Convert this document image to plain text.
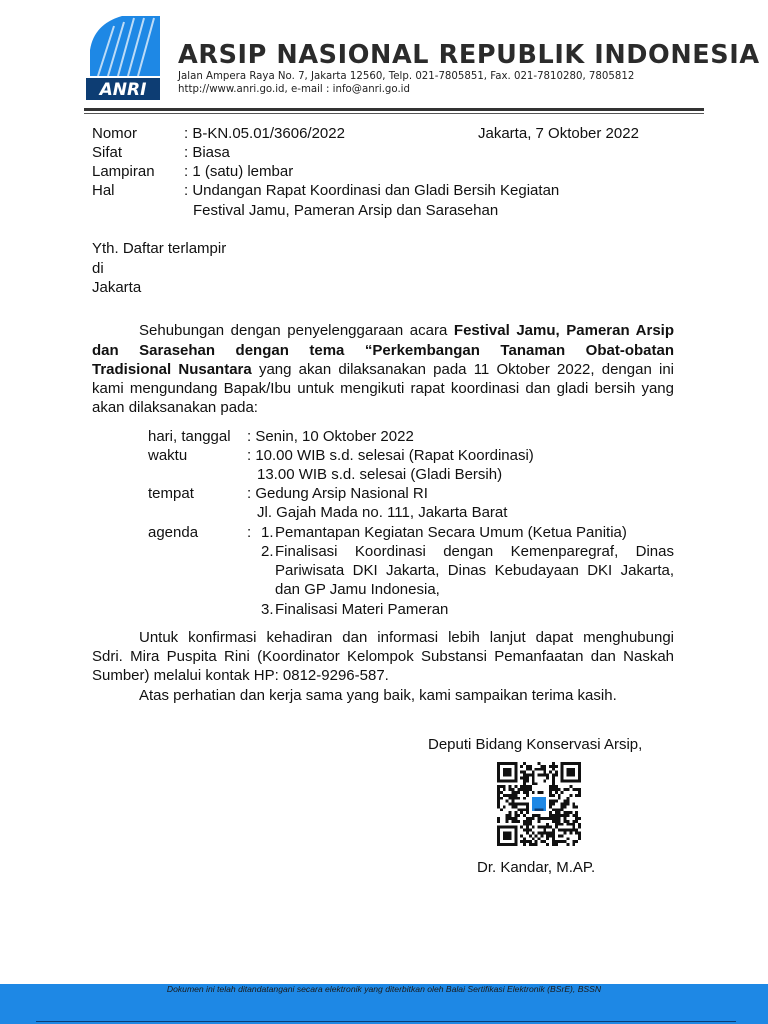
ANRI
ARSIP NASIONAL REPUBLIK INDONESIA
Jalan Ampera Raya No. 7, Jakarta 12560, Telp. 021-7805851, Fax. 021-7810280, 7805812
http://www.anri.go.id, e-mail : info@anri.go.id
Nomor	: B-KN.05.01/3606/2022	Jakarta, 7 Oktober 2022
Sifat	: Biasa
Lampiran : 1 (satu) lembar
Hal	: Undangan Rapat Koordinasi dan Gladi Bersih Kegiatan
Festival Jamu, Pameran Arsip dan Sarasehan
Yth. Daftar terlampir
di
Jakarta
Sehubungan dengan penyelenggaraan acara Festival Jamu, Pameran Arsip
dan Sarasehan dengan tema “Perkembangan Tanaman Obat-obatan
Tradisional Nusantara yang akan dilaksanakan pada 11 Oktober 2022, dengan ini
kami mengundang Bapak/Ibu untuk mengikuti rapat koordinasi dan gladi bersih yang
akan dilaksanakan pada:
hari, tanggal : Senin, 10 Oktober 2022
waktu	: 10.00 WIB s.d. selesai (Rapat Koordinasi)
13.00 WIB s.d. selesai (Gladi Bersih)
tempat	: Gedung Arsip Nasional RI
Jl. Gajah Mada no. 111, Jakarta Barat
agenda	: 1. Pemantapan Kegiatan Secara Umum (Ketua Panitia)
2. Finalisasi Koordinasi dengan Kemenparegraf, Dinas
Pariwisata DKI Jakarta, Dinas Kebudayaan DKI Jakarta,
dan GP Jamu Indonesia,
3. Finalisasi Materi Pameran
Untuk konfirmasi kehadiran dan informasi lebih lanjut dapat menghubungi
Sdri. Mira Puspita Rini (Koordinator Kelompok Substansi Pemanfaatan dan Naskah
Sumber) melalui kontak HP: 0812-9296-587.
Atas perhatian dan kerja sama yang baik, kami sampaikan terima kasih.
Deputi Bidang Konservasi Arsip,
Dr. Kandar, M.AP.
Dokumen ini telah ditandatangani secara elektronik yang diterbitkan oleh Balai Sertifikasi Elektronik (BSrE), BSSN
